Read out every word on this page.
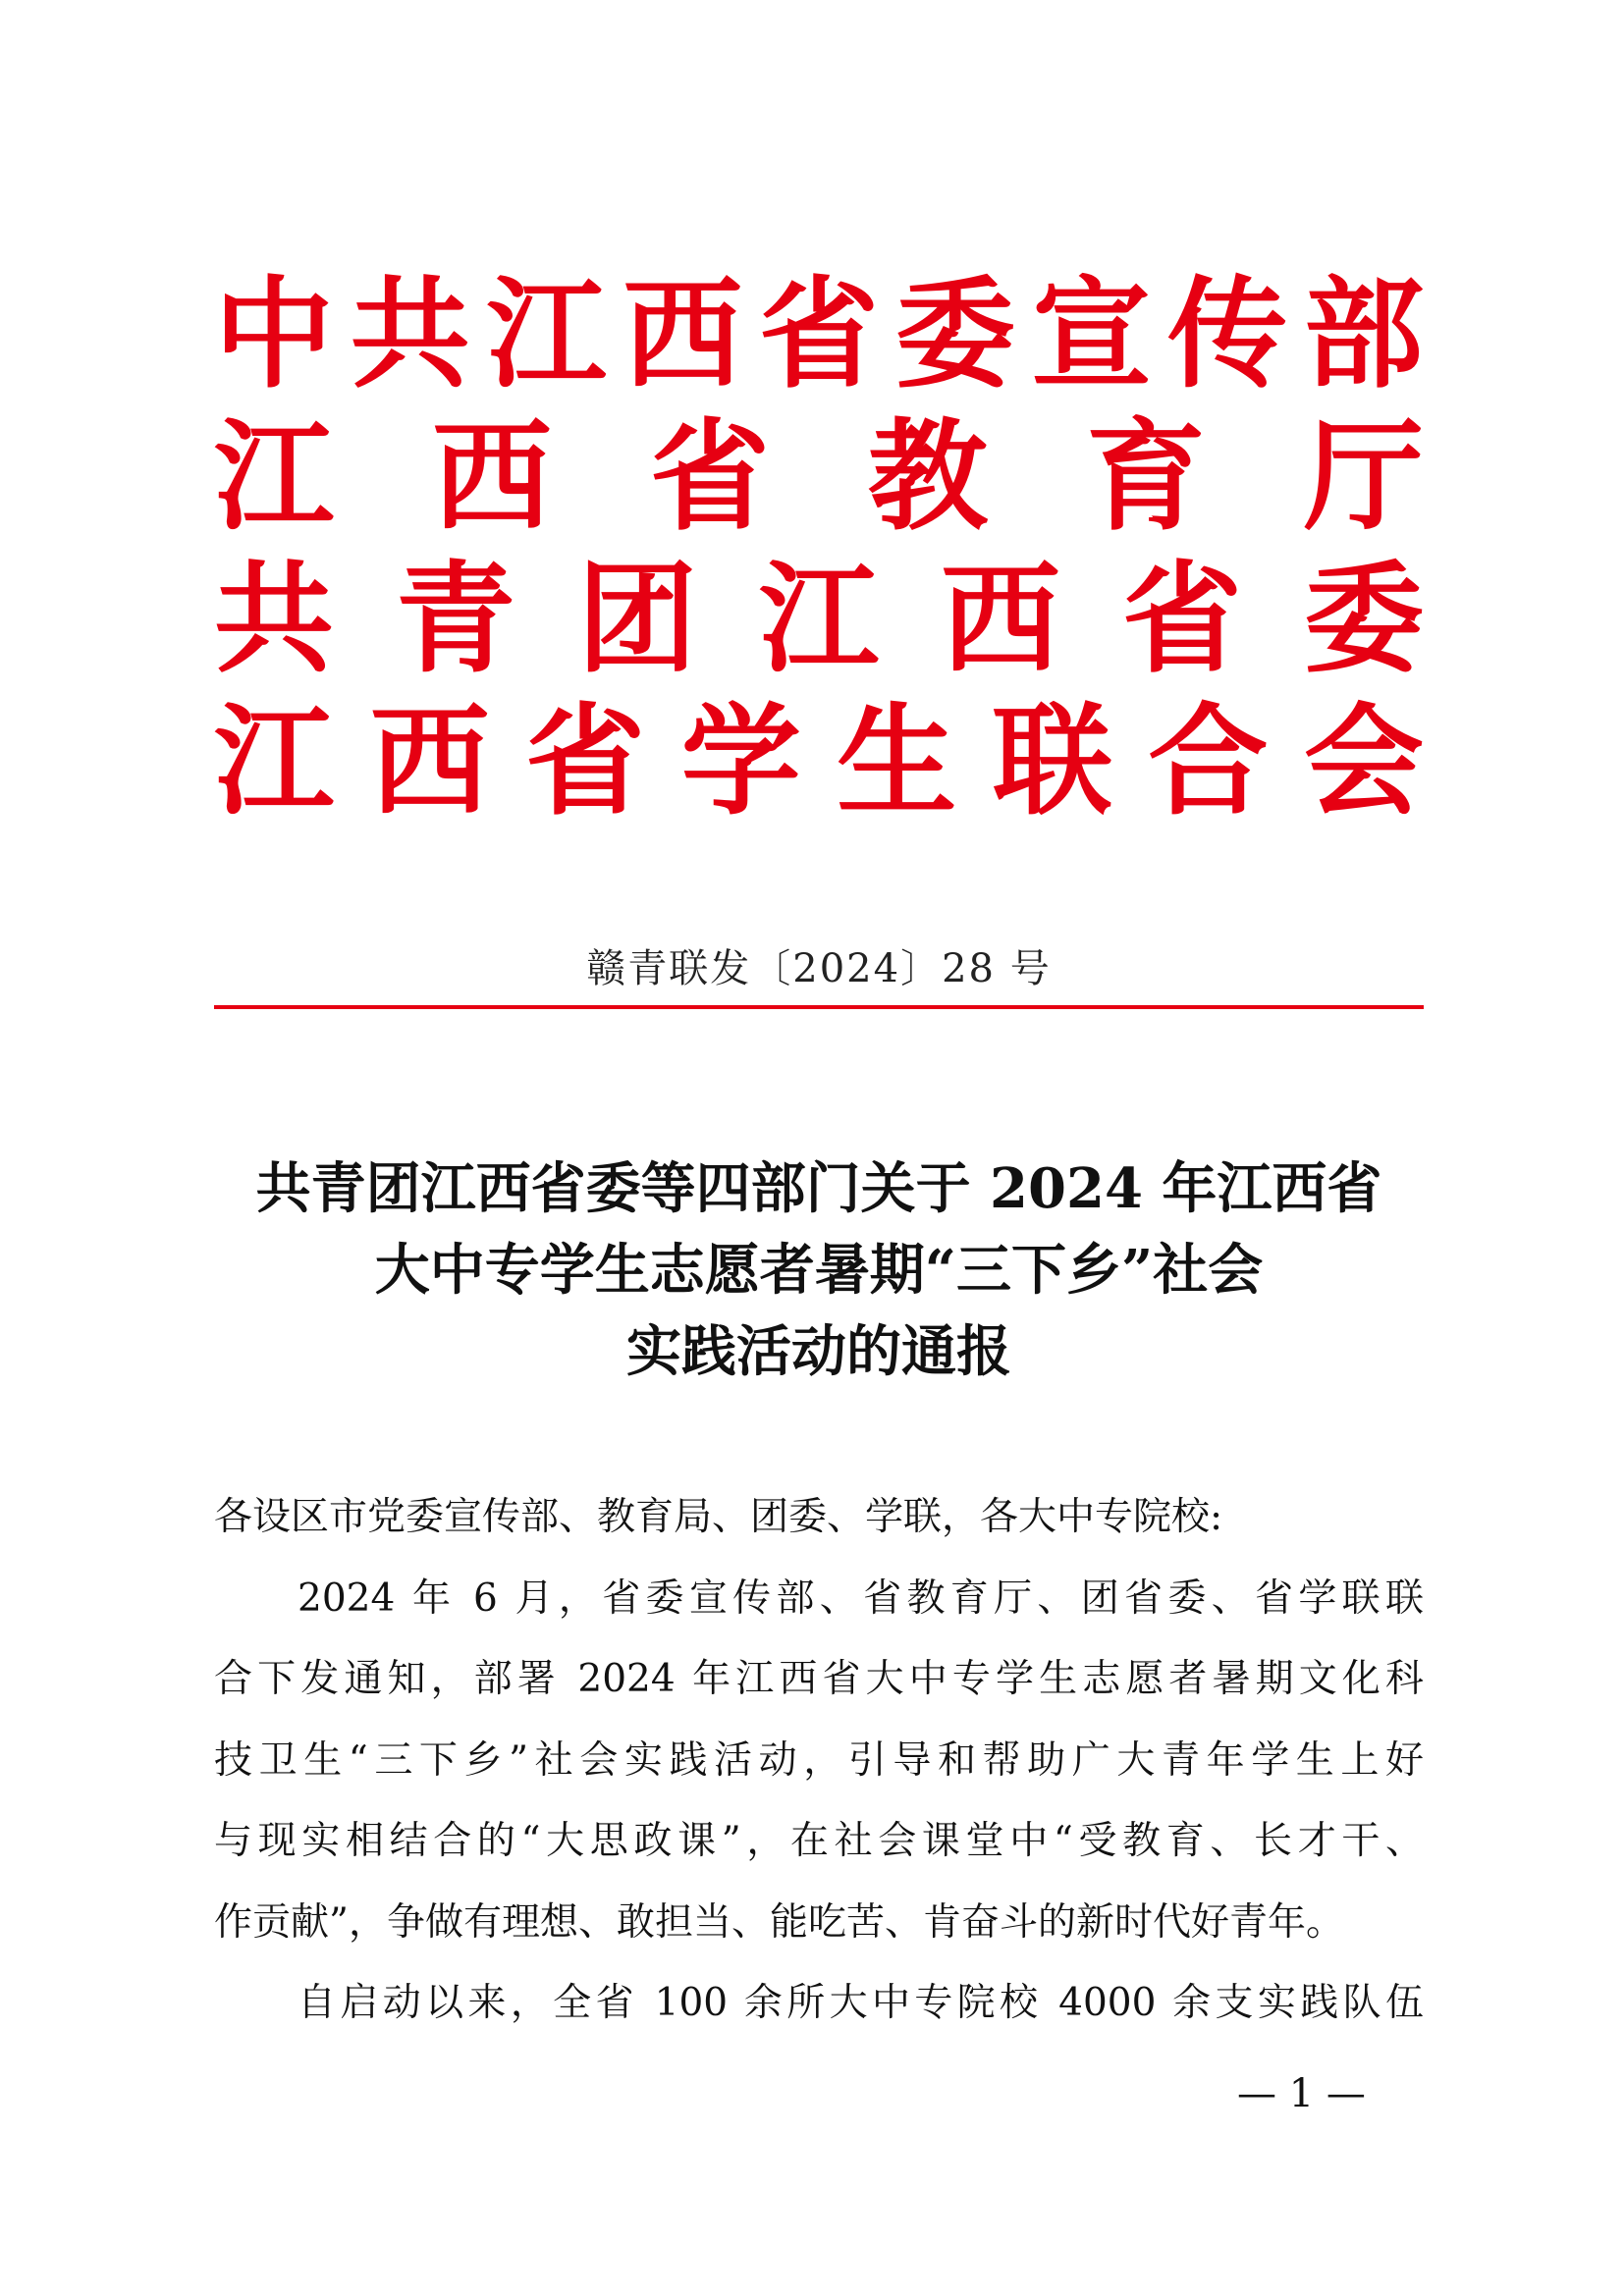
中 共 江 西 省 委 宣 传 部
江 西 省 教 育 厅
共 青 团 江 西 省 委
江 西 省 学 生 联 合 会
赣青联发〔2024〕28 号
共青团江西省委等四部门关于 2024 年江西省
大中专学生志愿者暑期“三下乡”社会
实践活动的通报
各设区市党委宣传部、教育局、团委、学联，各大中专院校:
2024 年 6 月，省委宣传部、省教育厅、团省委、省学联联
合下发通知，部署 2024 年江西省大中专学生志愿者暑期文化科
技卫生“三下乡”社会实践活动，引导和帮助广大青年学生上好
与现实相结合的“大思政课”，在社会课堂中“受教育、长才干、
作贡献”，争做有理想、敢担当、能吃苦、肯奋斗的新时代好青年。
自启动以来，全省 100 余所大中专院校 4000 余支实践队伍
— 1 —
